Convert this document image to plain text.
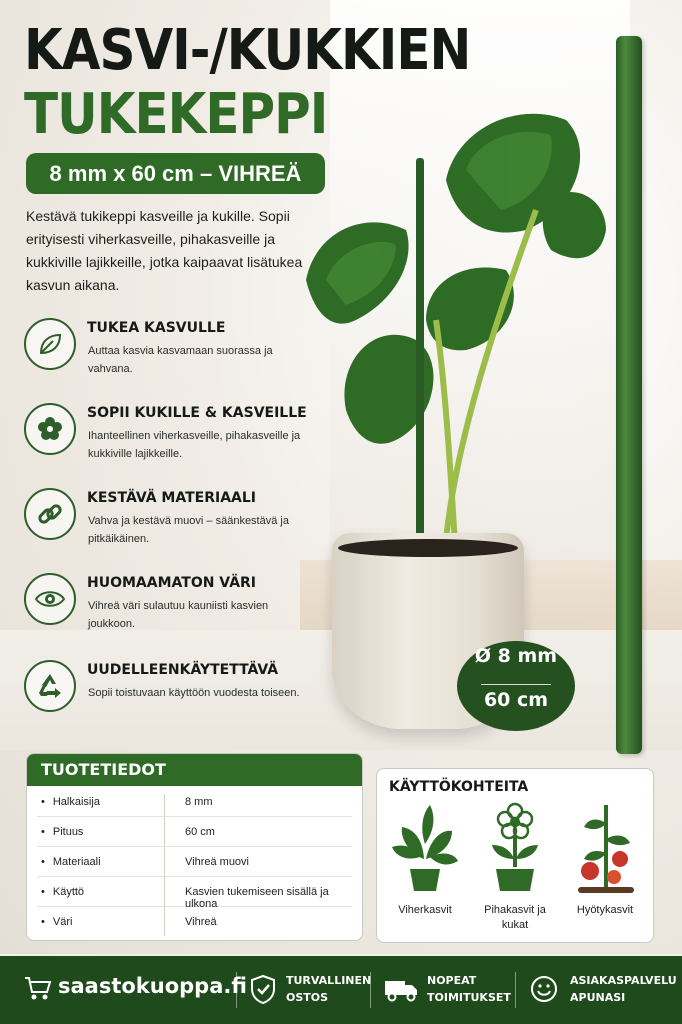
KASVI-/KUKKIEN
TUKEKEPPI
8 mm x 60 cm – VIHREÄ
Kestävä tukikeppi kasveille ja kukille. Sopii erityisesti viherkasveille, pihakasveille ja kukkiville lajikkeille, jotka kaipaavat lisätukea kasvun aikana.
TUKEA KASVULLE
Auttaa kasvia kasvamaan suorassa ja vahvana.
SOPII KUKILLE & KASVEILLE
Ihanteellinen viherkasveille, pihakasveille ja kukkiville lajikkeille.
KESTÄVÄ MATERIAALI
Vahva ja kestävä muovi – säänkestävä ja pitkäikäinen.
HUOMAAMATON VÄRI
Vihreä väri sulautuu kauniisti kasvien joukkoon.
UUDELLEENKÄYTETTÄVÄ
Sopii toistuvaan käyttöön vuodesta toiseen.
Ø 8 mm
60 cm
TUOTETIEDOT
• Halkaisija	8 mm
• Pituus	60 cm
• Materiaali	Vihreä muovi
• Käyttö	Kasvien tukemiseen sisällä ja ulkona
• Väri	Vihreä
KÄYTTÖKOHTEITA
Viherkasvit	Pihakasvit ja kukat
Hyötykasvit
saastokuoppa.fi	TURVALLINEN OSTOS
NOPEAT TOIMITUKSET
ASIAKASPALVELU APUNASI
